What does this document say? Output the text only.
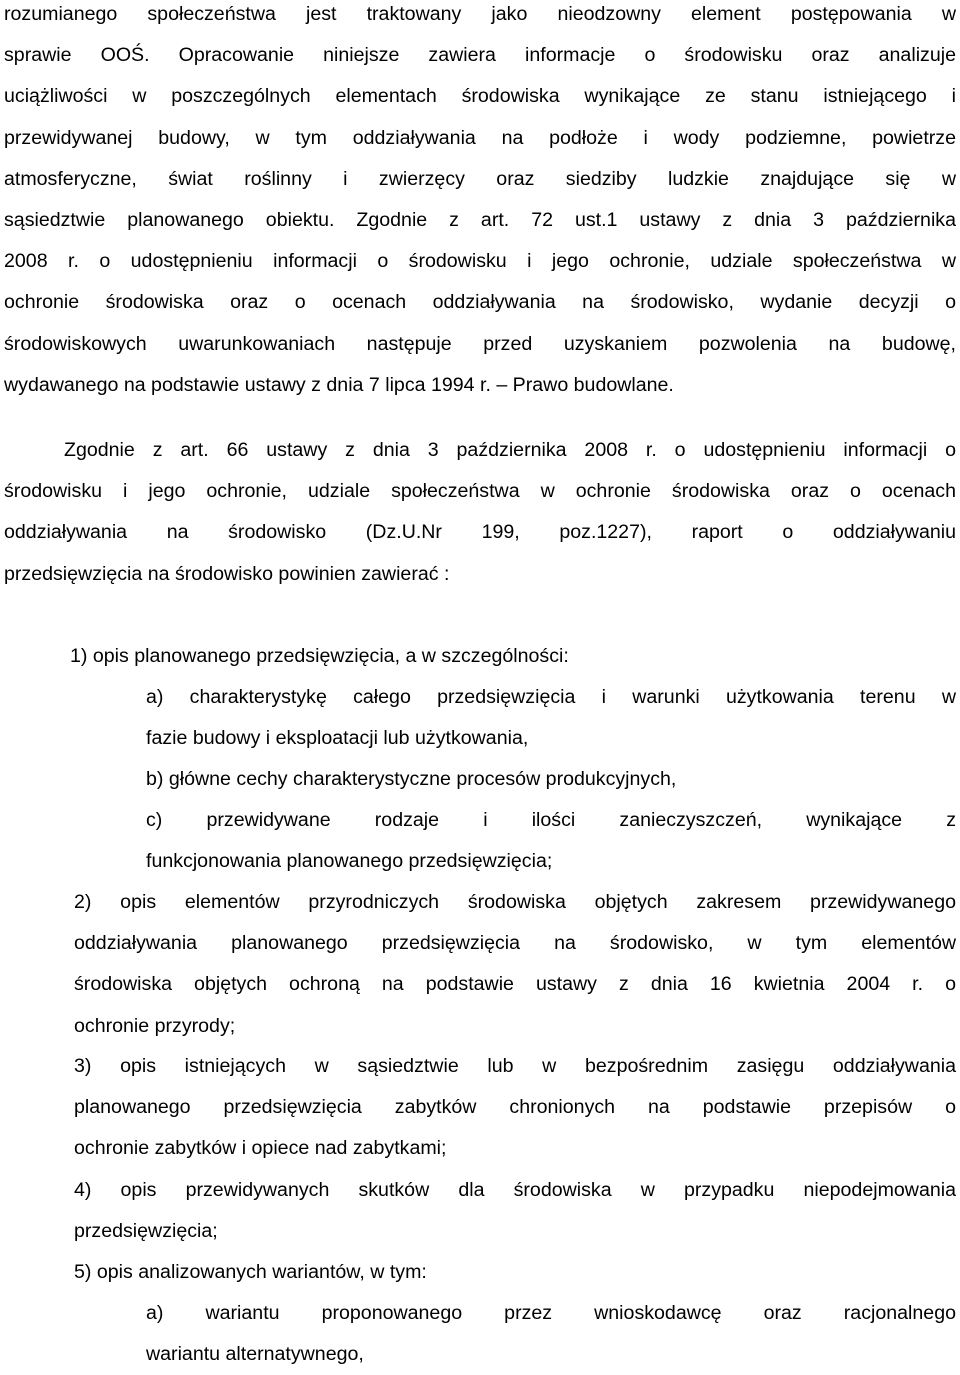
rozumianego społeczeństwa jest traktowany jako nieodzowny element postępowania w
sprawie OOŚ. Opracowanie niniejsze zawiera informacje o środowisku oraz analizuje
uciążliwości w poszczególnych elementach środowiska wynikające ze stanu istniejącego i
przewidywanej budowy, w tym oddziaływania na podłoże i wody podziemne, powietrze
atmosferyczne, świat roślinny i zwierzęcy oraz siedziby ludzkie znajdujące się w
sąsiedztwie planowanego obiektu. Zgodnie z art. 72 ust.1 ustawy z dnia 3 października
2008 r. o udostępnieniu informacji o środowisku i jego ochronie, udziale społeczeństwa w
ochronie środowiska oraz o ocenach oddziaływania na środowisko, wydanie decyzji o
środowiskowych uwarunkowaniach następuje przed uzyskaniem pozwolenia na budowę,
wydawanego na podstawie ustawy z dnia 7 lipca 1994 r. ‒ Prawo budowlane.
Zgodnie z art. 66 ustawy z dnia 3 października 2008 r. o udostępnieniu informacji o
środowisku i jego ochronie, udziale społeczeństwa w ochronie środowiska oraz o ocenach
oddziaływania na środowisko (Dz.U.Nr 199, poz.1227), raport o oddziaływaniu
przedsięwzięcia na środowisko powinien zawierać :
1) opis planowanego przedsięwzięcia, a w szczególności:
a) charakterystykę całego przedsięwzięcia i warunki użytkowania terenu w
fazie budowy i eksploatacji lub użytkowania,
b) główne cechy charakterystyczne procesów produkcyjnych,
c) przewidywane rodzaje i ilości zanieczyszczeń, wynikające z
funkcjonowania planowanego przedsięwzięcia;
2) opis elementów przyrodniczych środowiska objętych zakresem przewidywanego
oddziaływania planowanego przedsięwzięcia na środowisko, w tym elementów
środowiska objętych ochroną na podstawie ustawy z dnia 16 kwietnia 2004 r. o
ochronie przyrody;
3) opis istniejących w sąsiedztwie lub w bezpośrednim zasięgu oddziaływania
planowanego przedsięwzięcia zabytków chronionych na podstawie przepisów o
ochronie zabytków i opiece nad zabytkami;
4) opis przewidywanych skutków dla środowiska w przypadku niepodejmowania
przedsięwzięcia;
5) opis analizowanych wariantów, w tym:
a) wariantu proponowanego przez wnioskodawcę oraz racjonalnego
wariantu alternatywnego,
